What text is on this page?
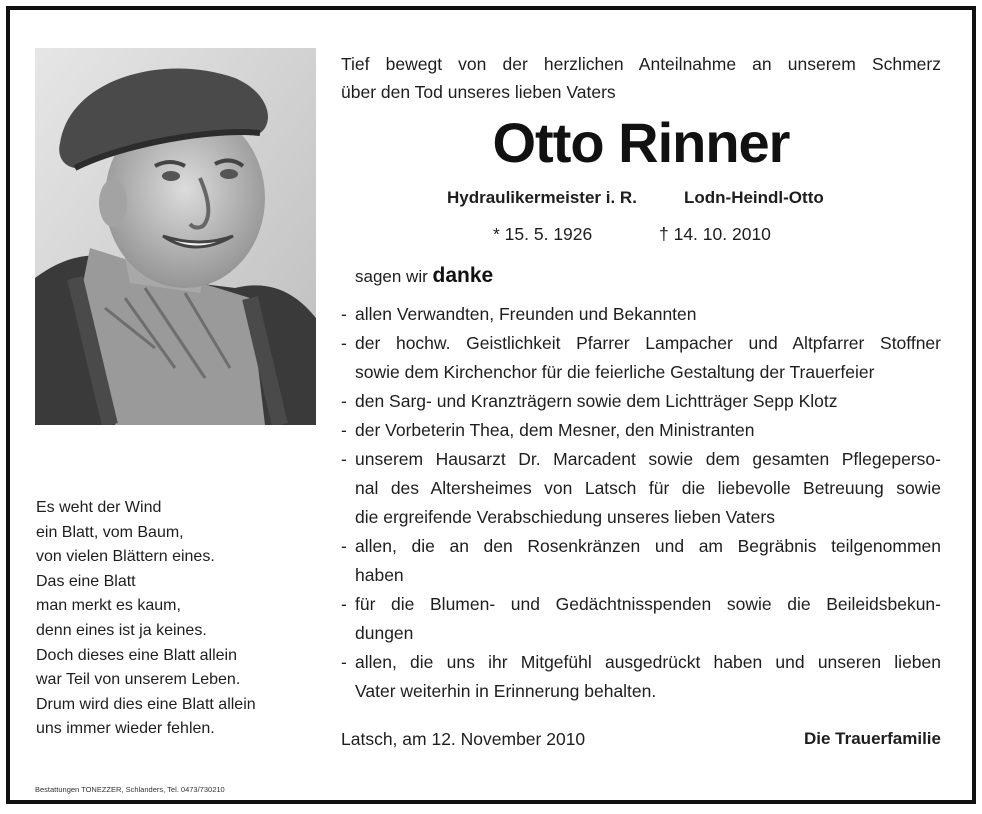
Es weht der Wind
ein Blatt, vom Baum,
von vielen Blättern eines.
Das eine Blatt
man merkt es kaum,
denn eines ist ja keines.
Doch dieses eine Blatt allein
war Teil von unserem Leben.
Drum wird dies eine Blatt allein
uns immer wieder fehlen.
Bestattungen TONEZZER, Schlanders, Tel. 0473/730210
Tief bewegt von der herzlichen Anteilnahme an unserem Schmerz
über den Tod unseres lieben Vaters
Otto Rinner
Hydraulikermeister i. R.	Lodn-Heindl-Otto
* 15. 5. 1926	† 14. 10. 2010
sagen wir danke
- allen Verwandten, Freunden und Bekannten
- der hochw. Geistlichkeit Pfarrer Lampacher und Altpfarrer Stoffner
sowie dem Kirchenchor für die feierliche Gestaltung der Trauerfeier
- den Sarg- und Kranzträgern sowie dem Lichtträger Sepp Klotz
- der Vorbeterin Thea, dem Mesner, den Ministranten
- unserem Hausarzt Dr. Marcadent sowie dem gesamten Pflegeperso-
nal des Altersheimes von Latsch für die liebevolle Betreuung sowie
die ergreifende Verabschiedung unseres lieben Vaters
- allen, die an den Rosenkränzen und am Begräbnis teilgenommen
haben
- für die Blumen- und Gedächtnisspenden sowie die Beileidsbekun-
dungen
- allen, die uns ihr Mitgefühl ausgedrückt haben und unseren lieben
Vater weiterhin in Erinnerung behalten.
Latsch, am 12. November 2010	Die Trauerfamilie
